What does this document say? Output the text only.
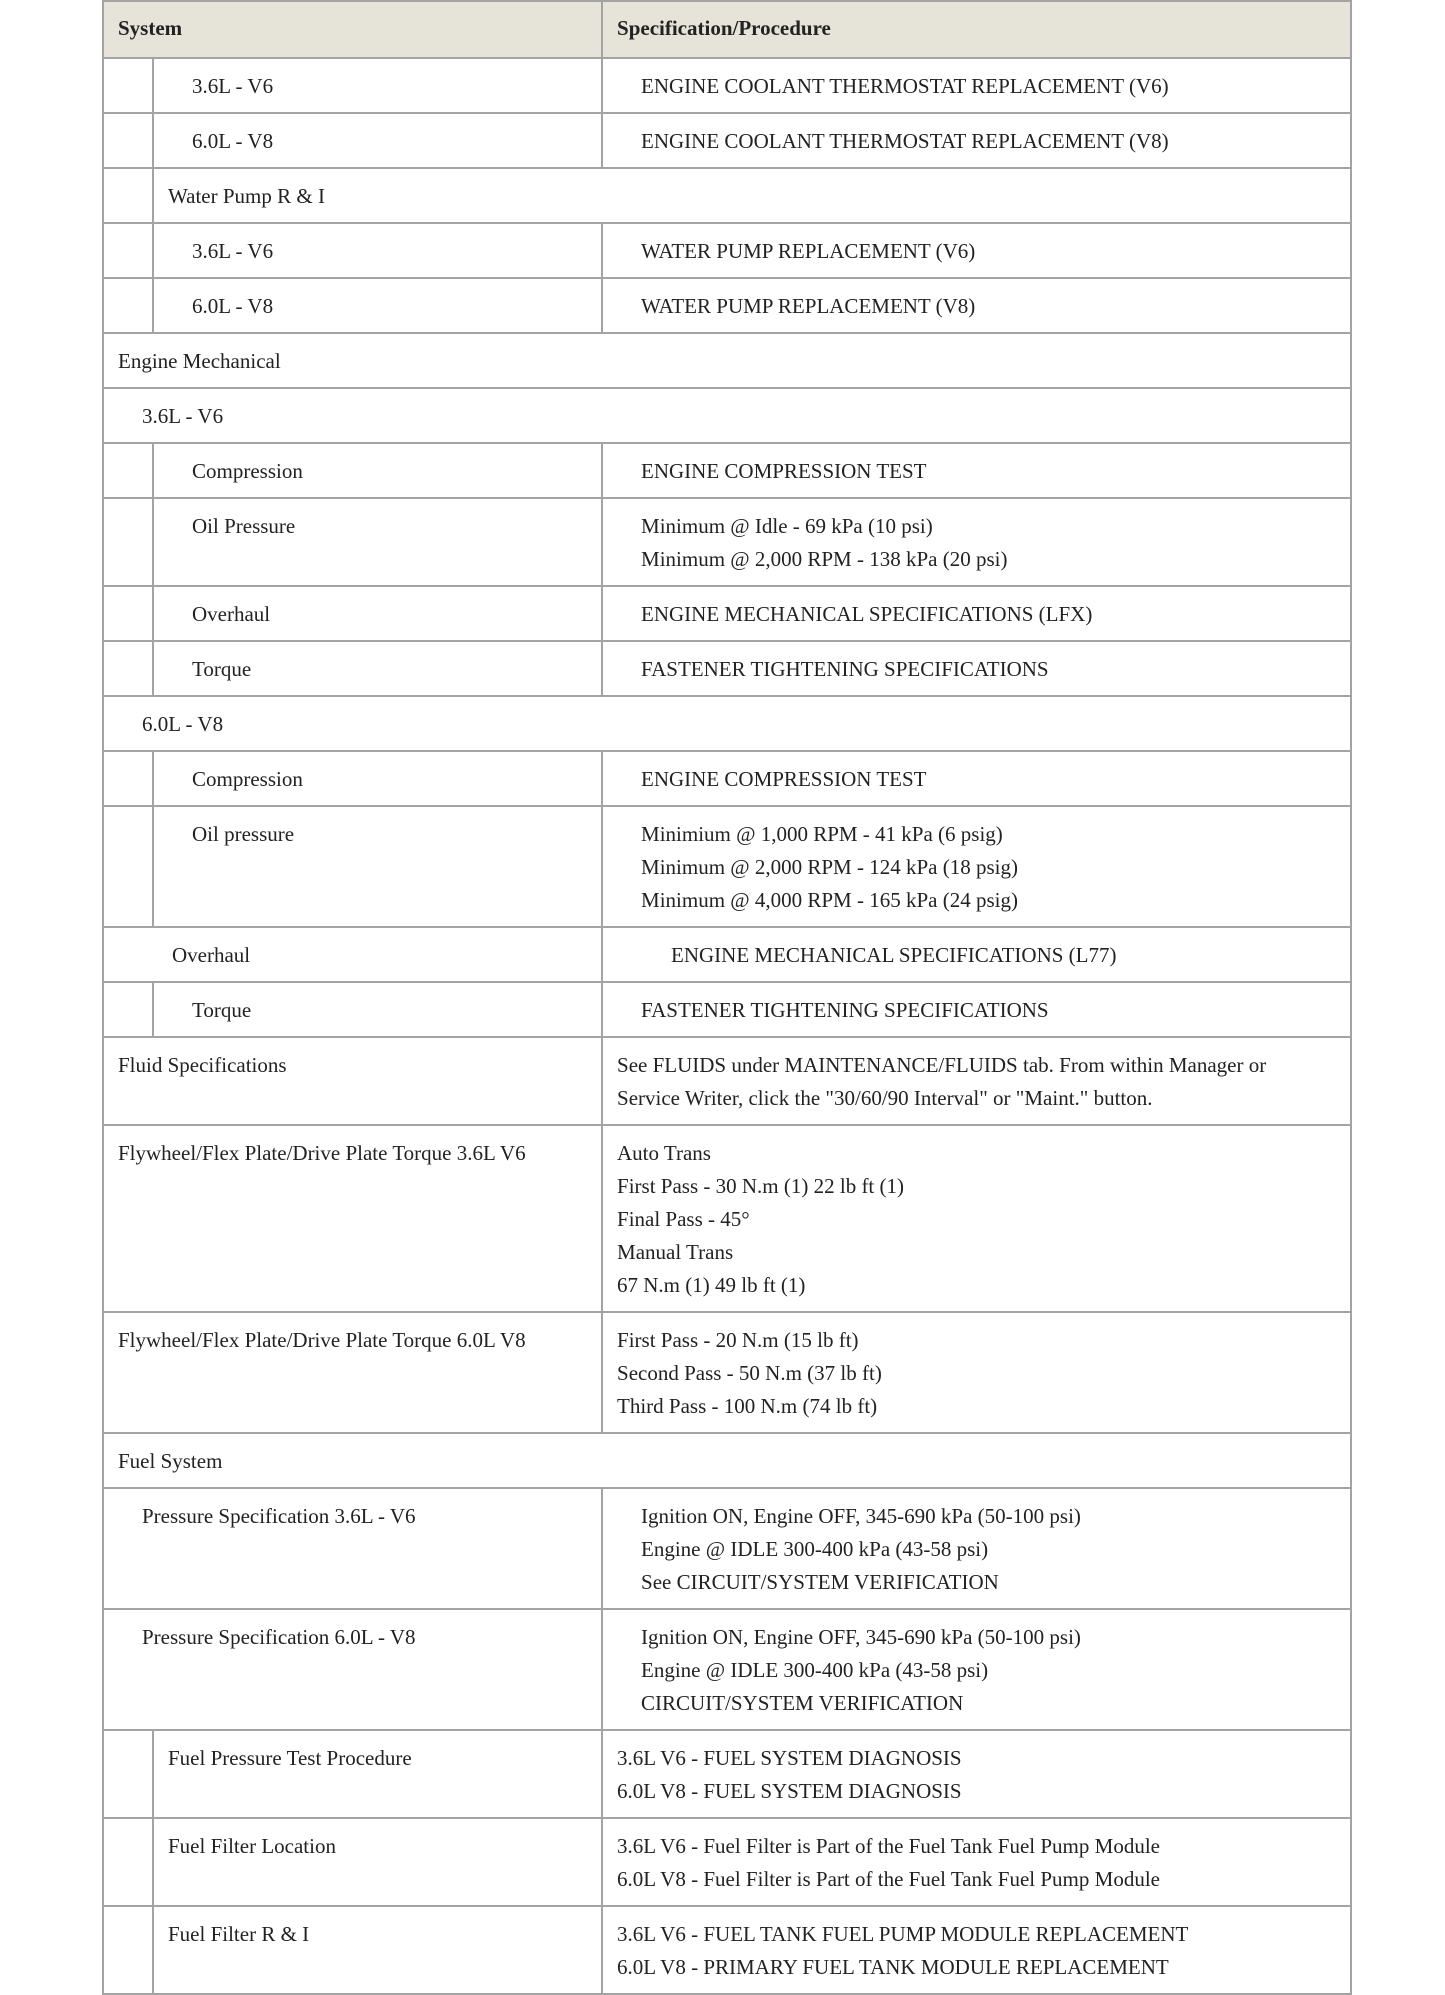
System		Specification/Procedure
	3.6L - V6	ENGINE COOLANT THERMOSTAT REPLACEMENT (V6)

	6.0L - V8	ENGINE COOLANT THERMOSTAT REPLACEMENT (V8)

	Water Pump R & I	
	3.6L - V6	WATER PUMP REPLACEMENT (V6)

	6.0L - V8	WATER PUMP REPLACEMENT (V8)

Engine Mechanical		
3.6L - V6		
	Compression	ENGINE COMPRESSION TEST

	Oil Pressure	Minimum @ Idle - 69 kPa (10 psi)
Minimum @ 2,000 RPM - 138 kPa (20 psi)

	Overhaul	ENGINE MECHANICAL SPECIFICATIONS (LFX)

	Torque	FASTENER TIGHTENING SPECIFICATIONS

6.0L - V8		
	Compression	ENGINE COMPRESSION TEST

	Oil pressure	Minimium @ 1,000 RPM - 41 kPa (6 psig)
Minimum @ 2,000 RPM - 124 kPa (18 psig)
Minimum @ 4,000 RPM - 165 kPa (24 psig)

Overhaul		ENGINE MECHANICAL SPECIFICATIONS (L77)

	Torque	FASTENER TIGHTENING SPECIFICATIONS

Fluid Specifications		See FLUIDS under MAINTENANCE/FLUIDS tab. From within Manager or
Service Writer, click the "30/60/90 Interval" or "Maint." button.

Flywheel/Flex Plate/Drive Plate Torque 3.6L V6		Auto Trans
First Pass - 30 N.m (1) 22 lb ft (1)
Final Pass - 45°
Manual Trans
67 N.m (1) 49 lb ft (1)

Flywheel/Flex Plate/Drive Plate Torque 6.0L V8		First Pass - 20 N.m (15 lb ft)
Second Pass - 50 N.m (37 lb ft)
Third Pass - 100 N.m (74 lb ft)

Fuel System		
Pressure Specification 3.6L - V6		Ignition ON, Engine OFF, 345-690 kPa (50-100 psi)
Engine @ IDLE 300-400 kPa (43-58 psi)
See CIRCUIT/SYSTEM VERIFICATION

Pressure Specification 6.0L - V8		Ignition ON, Engine OFF, 345-690 kPa (50-100 psi)
Engine @ IDLE 300-400 kPa (43-58 psi)
CIRCUIT/SYSTEM VERIFICATION

	Fuel Pressure Test Procedure	3.6L V6 - FUEL SYSTEM DIAGNOSIS
6.0L V8 - FUEL SYSTEM DIAGNOSIS

	Fuel Filter Location	3.6L V6 - Fuel Filter is Part of the Fuel Tank Fuel Pump Module
6.0L V8 - Fuel Filter is Part of the Fuel Tank Fuel Pump Module

	Fuel Filter R & I	3.6L V6 - FUEL TANK FUEL PUMP MODULE REPLACEMENT
6.0L V8 - PRIMARY FUEL TANK MODULE REPLACEMENT
